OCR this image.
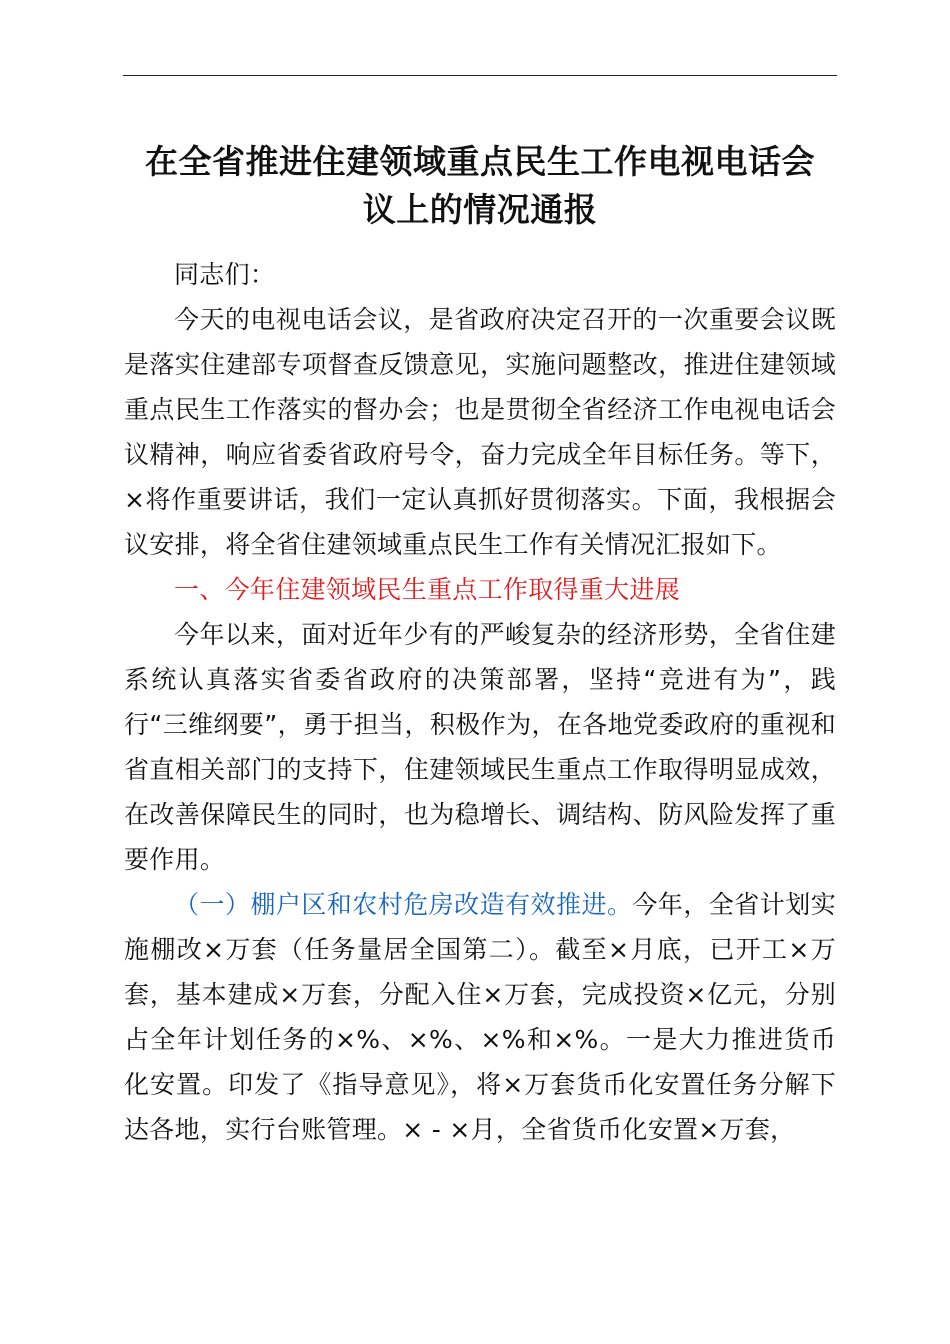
在全省推进住建领域重点民生工作电视电话会
议上的情况通报

同志们：

今天的电视电话会议，是省政府决定召开的一次重要会议既是落实住建部专项督查反馈意见，实施问题整改，推进住建领域重点民生工作落实的督办会；也是贯彻全省经济工作电视电话会议精神，响应省委省政府号令，奋力完成全年目标任务。等下，×将作重要讲话，我们一定认真抓好贯彻落实。下面，我根据会议安排，将全省住建领域重点民生工作有关情况汇报如下。

一、今年住建领域民生重点工作取得重大进展

今年以来，面对近年少有的严峻复杂的经济形势，全省住建系统认真落实省委省政府的决策部署，坚持“竞进有为”，践行“三维纲要”，勇于担当，积极作为，在各地党委政府的重视和省直相关部门的支持下，住建领域民生重点工作取得明显成效，在改善保障民生的同时，也为稳增长、调结构、防风险发挥了重要作用。

（一）棚户区和农村危房改造有效推进。今年，全省计划实施棚改×万套（任务量居全国第二）。截至×月底，已开工×万套，基本建成×万套，分配入住×万套，完成投资×亿元，分别占全年计划任务的×%、×%、×%和×%。一是大力推进货币化安置。印发了《指导意见》，将×万套货币化安置任务分解下达各地，实行台账管理。× - ×月，全省货币化安置×万套，
